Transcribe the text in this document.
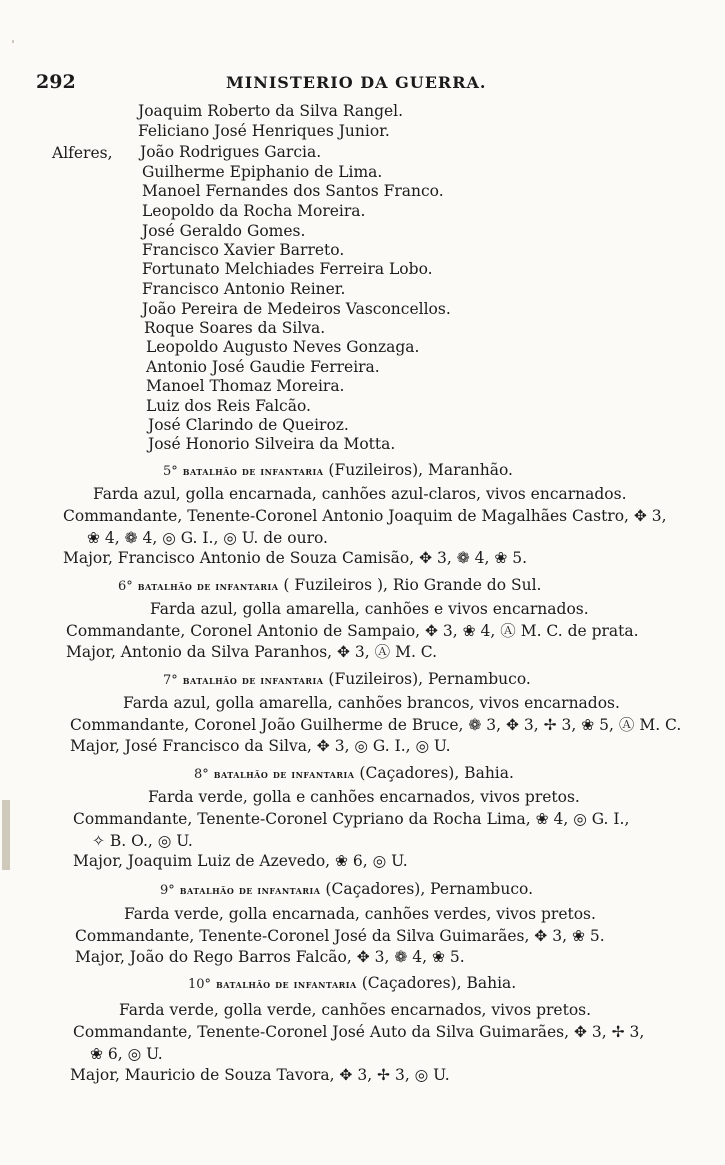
292	MINISTERIO DA GUERRA.
Alferes,
Joaquim Roberto da Silva Rangel.
Feliciano José Henriques Junior.
João Rodrigues Garcia.
Guilherme Epiphanio de Lima.
Manoel Fernandes dos Santos Franco.
Leopoldo da Rocha Moreira.
José Geraldo Gomes.
Francisco Xavier Barreto.
Fortunato Melchiades Ferreira Lobo.
Francisco Antonio Reiner.
João Pereira de Medeiros Vasconcellos.
Roque Soares da Silva.
Leopoldo Augusto Neves Gonzaga.
Antonio José Gaudie Ferreira.
Manoel Thomaz Moreira.
Luiz dos Reis Falcão.
José Clarindo de Queiroz.
José Honorio Silveira da Motta.
5° batalhão de infantaria (Fuzileiros), Maranhão.
Farda azul, golla encarnada, canhões azul-claros, vivos encarnados.
Commandante, Tenente-Coronel Antonio Joaquim de Magalhães Castro, ✥ 3,
❀ 4, ❁ 4, ◎ G. I., ◎ U. de ouro.
Major, Francisco Antonio de Souza Camisão, ✥ 3, ❁ 4, ❀ 5.
6° batalhão de infantaria ( Fuzileiros ), Rio Grande do Sul.
Farda azul, golla amarella, canhões e vivos encarnados.
Commandante, Coronel Antonio de Sampaio, ✥ 3, ❀ 4, Ⓐ M. C. de prata.
Major, Antonio da Silva Paranhos, ✥ 3, Ⓐ M. C.
7° batalhão de infantaria (Fuzileiros), Pernambuco.
Farda azul, golla amarella, canhões brancos, vivos encarnados.
Commandante, Coronel João Guilherme de Bruce, ❁ 3, ✥ 3, ✢ 3, ❀ 5, Ⓐ M. C.
Major, José Francisco da Silva, ✥ 3, ◎ G. I., ◎ U.
8° batalhão de infantaria (Caçadores), Bahia.
Farda verde, golla e canhões encarnados, vivos pretos.
Commandante, Tenente-Coronel Cypriano da Rocha Lima, ❀ 4, ◎ G. I.,
✧ B. O., ◎ U.
Major, Joaquim Luiz de Azevedo, ❀ 6, ◎ U.
9° batalhão de infantaria (Caçadores), Pernambuco.
Farda verde, golla encarnada, canhões verdes, vivos pretos.
Commandante, Tenente-Coronel José da Silva Guimarães, ✥ 3, ❀ 5.
Major, João do Rego Barros Falcão, ✥ 3, ❁ 4, ❀ 5.
10° batalhão de infantaria (Caçadores), Bahia.
Farda verde, golla verde, canhões encarnados, vivos pretos.
Commandante, Tenente-Coronel José Auto da Silva Guimarães, ✥ 3, ✢ 3,
❀ 6, ◎ U.
Major, Mauricio de Souza Tavora, ✥ 3, ✢ 3, ◎ U.
